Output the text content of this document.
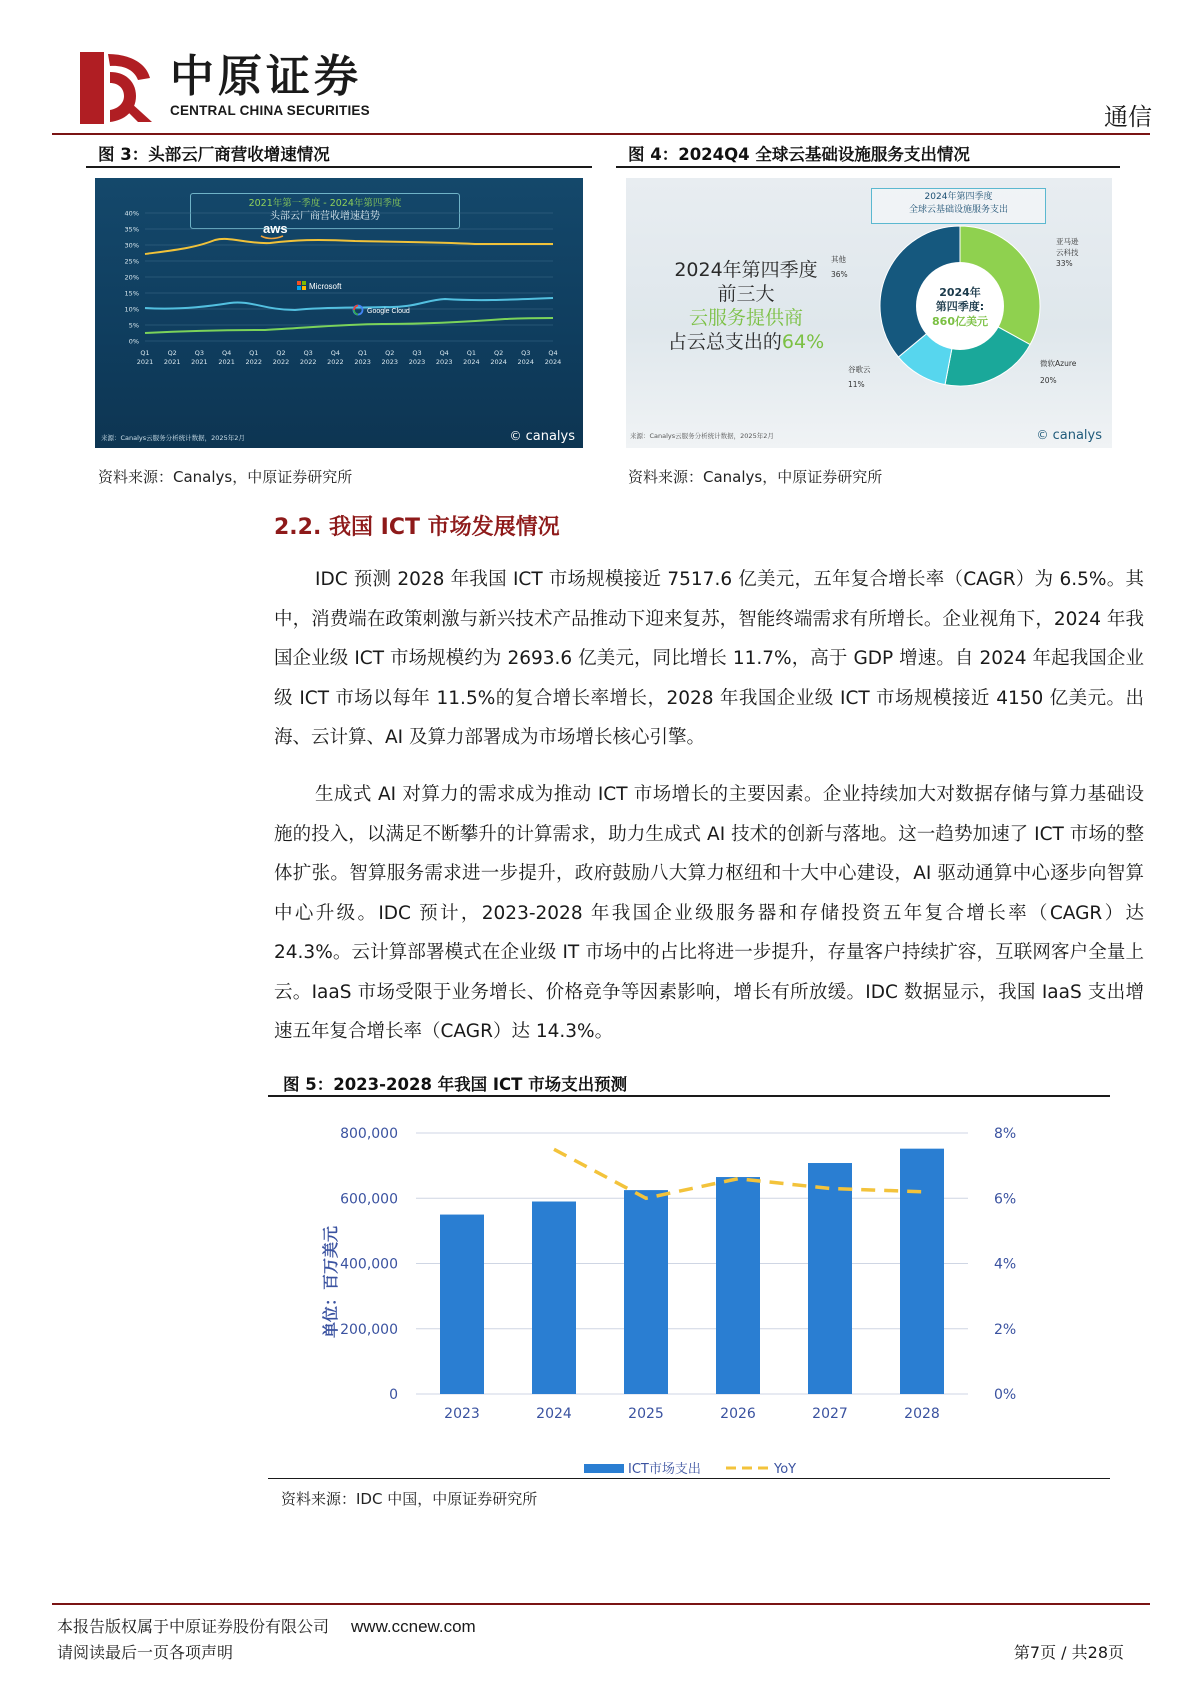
中原证券
CENTRAL CHINA SECURITIES	通信
图 3：头部云厂商营收增速情况
2021年第一季度 - 2024年第四季度
头部云厂商营收增速趋势
40%
35%
30%
25%
20%
15%
10%
5%
0%
Q1
2021
Q2
2021
Q3
2021
Q4
2021
Q1
2022
Q2
2022
Q3
2022
Q4
2022
Q1
2023
Q2
2023
Q3
2023
Q4
2023
Q1
2024
Q2
2024
Q3
2024
Q4
2024
aws
Microsoft
Google Cloud
来源：Canalys云服务分析统计数据，2025年2月	© canalys
资料来源：Canalys，中原证券研究所
图 4：2024Q4 全球云基础设施服务支出情况
2024年第四季度
全球云基础设施服务支出
2024年第四季度
前三大
云服务提供商
占云总支出的64%
2024年
第四季度:
860亿美元
亚马逊
云科技
33%
微软Azure
20%
谷歌云
11%
其他
36%
来源：Canalys云服务分析统计数据，2025年2月	© canalys
资料来源：Canalys，中原证券研究所
2.2. 我国 ICT 市场发展情况

IDC 预测 2028 年我国 ICT 市场规模接近 7517.6 亿美元，五年复合增长率（CAGR）为 6.5%。其中，消费端在政策刺激与新兴技术产品推动下迎来复苏，智能终端需求有所增长。企业视角下，2024 年我国企业级 ICT 市场规模约为 2693.6 亿美元，同比增长 11.7%，高于 GDP 增速。自 2024 年起我国企业级 ICT 市场以每年 11.5%的复合增长率增长，2028 年我国企业级 ICT 市场规模接近 4150 亿美元。出海、云计算、AI 及算力部署成为市场增长核心引擎。

生成式 AI 对算力的需求成为推动 ICT 市场增长的主要因素。企业持续加大对数据存储与算力基础设施的投入，以满足不断攀升的计算需求，助力生成式 AI 技术的创新与落地。这一趋势加速了 ICT 市场的整体扩张。智算服务需求进一步提升，政府鼓励八大算力枢纽和十大中心建设，AI 驱动通算中心逐步向智算中心升级。IDC 预计，2023-2028 年我国企业级服务器和存储投资五年复合增长率（CAGR）达 24.3%。云计算部署模式在企业级 IT 市场中的占比将进一步提升，存量客户持续扩容，互联网客户全量上云。IaaS 市场受限于业务增长、价格竞争等因素影响，增长有所放缓。IDC 数据显示，我国 IaaS 支出增速五年复合增长率（CAGR）达 14.3%。

图 5：2023-2028 年我国 ICT 市场支出预测
800,000
600,000
400,000
200,000
0
8%
6%
4%
2%
0%
2023	2024	2025	2026	2027	2028
单位：百万美元
ICT市场支出	YoY
资料来源：IDC 中国，中原证券研究所
本报告版权属于中原证券股份有限公司 www.ccnew.com
请阅读最后一页各项声明	第7页 / 共28页
